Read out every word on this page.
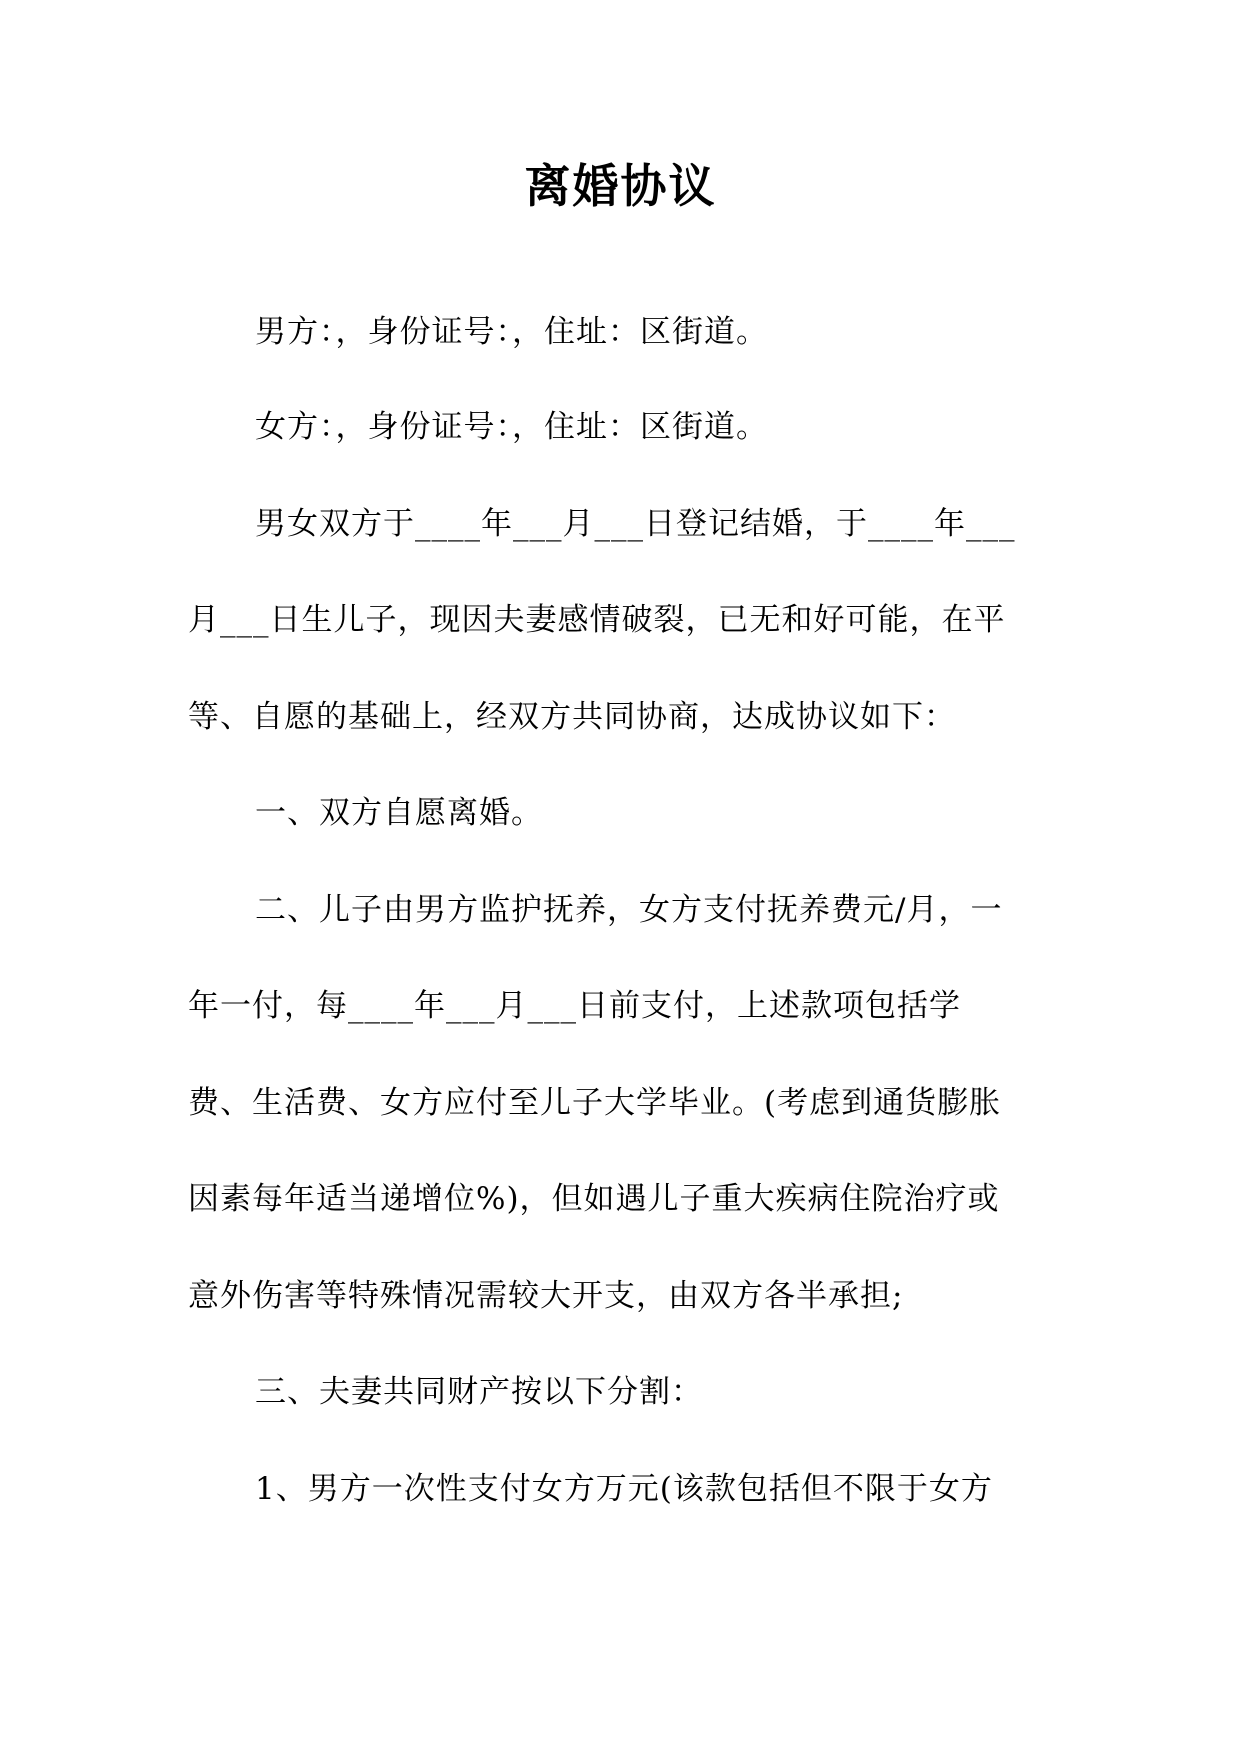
离婚协议
男方：，身份证号：，住址：区街道。
女方：，身份证号：，住址：区街道。
男女双方于____年___月___日登记结婚，于____年___
月___日生儿子，现因夫妻感情破裂，已无和好可能，在平
等、自愿的基础上，经双方共同协商，达成协议如下：
一、双方自愿离婚。
二、儿子由男方监护抚养，女方支付抚养费元/月，一
年一付，每____年___月___日前支付，上述款项包括学
费、生活费、女方应付至儿子大学毕业。(考虑到通货膨胀
因素每年适当递增位%)，但如遇儿子重大疾病住院治疗或
意外伤害等特殊情况需较大开支，由双方各半承担;
三、夫妻共同财产按以下分割：
1、男方一次性支付女方万元(该款包括但不限于女方
